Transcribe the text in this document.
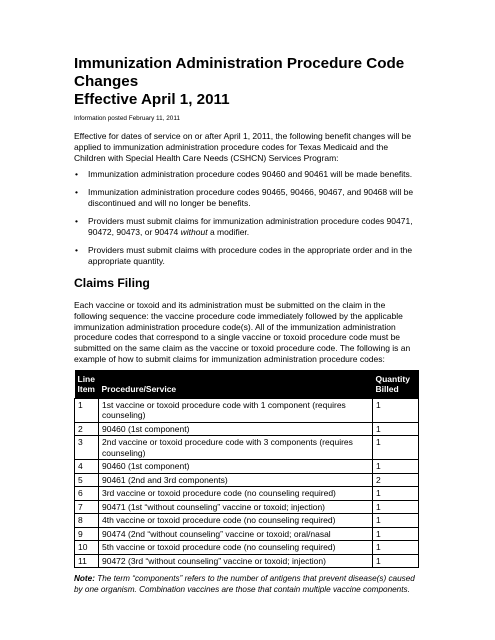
Immunization Administration Procedure Code Changes
Effective April 1, 2011
Information posted February 11, 2011
Effective for dates of service on or after April 1, 2011, the following benefit changes will be applied to immunization administration procedure codes for Texas Medicaid and the Children with Special Health Care Needs (CSHCN) Services Program:
• Immunization administration procedure codes 90460 and 90461 will be made benefits.
• Immunization administration procedure codes 90465, 90466, 90467, and 90468 will be discontinued and will no longer be benefits.
• Providers must submit claims for immunization administration procedure codes 90471, 90472, 90473, or 90474 without a modifier.
• Providers must submit claims with procedure codes in the appropriate order and in the appropriate quantity.
Claims Filing
Each vaccine or toxoid and its administration must be submitted on the claim in the following sequence: the vaccine procedure code immediately followed by the applicable immunization administration procedure code(s). All of the immunization administration procedure codes that correspond to a single vaccine or toxoid procedure code must be submitted on the same claim as the vaccine or toxoid procedure code. The following is an example of how to submit claims for immunization administration procedure codes:
Line
Item	Procedure/Service	Quantity
Billed
1	1st vaccine or toxoid procedure code with 1 component (requires counseling)	1
2	90460 (1st component)	1
3	2nd vaccine or toxoid procedure code with 3 components (requires counseling)	1
4	90460 (1st component)	1
5	90461 (2nd and 3rd components)	2
6	3rd vaccine or toxoid procedure code (no counseling required)	1
7	90471 (1st “without counseling” vaccine or toxoid; injection)	1
8	4th vaccine or toxoid procedure code (no counseling required)	1
9	90474 (2nd “without counseling” vaccine or toxoid; oral/nasal	1
10	5th vaccine or toxoid procedure code (no counseling required)	1
11	90472 (3rd “without counseling” vaccine or toxoid; injection)	1
Note: The term “components” refers to the number of antigens that prevent disease(s) caused by one organism. Combination vaccines are those that contain multiple vaccine components.
